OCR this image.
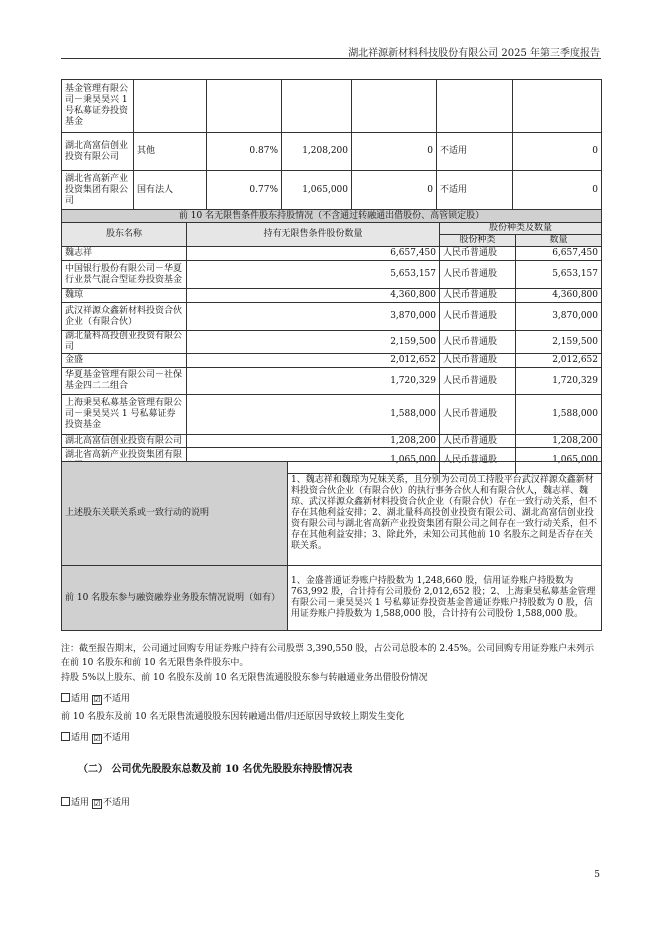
湖北祥源新材料科技股份有限公司 2025 年第三季度报告
基金管理有限公司－秉昊昊兴 1 号私募证券投资基金						
湖北高富信创业投资有限公司	其他	0.87%	1,208,200	0	不适用	0
湖北省高新产业投资集团有限公司	国有法人	0.77%	1,065,000	0	不适用	0
前 10 名无限售条件股东持股情况（不含通过转融通出借股份、高管锁定股）			
股东名称	持有无限售条件股份数量	股份种类及数量	
		股份种类	数量
魏志祥	6,657,450	人民币普通股	6,657,450
中国银行股份有限公司－华夏行业景气混合型证券投资基金	5,653,157	人民币普通股	5,653,157
魏琼	4,360,800	人民币普通股	4,360,800
武汉祥源众鑫新材料投资合伙企业（有限合伙）	3,870,000	人民币普通股	3,870,000
湖北量科高投创业投资有限公司	2,159,500	人民币普通股	2,159,500
金盛	2,012,652	人民币普通股	2,012,652
华夏基金管理有限公司－社保基金四二二组合	1,720,329	人民币普通股	1,720,329
上海秉昊私募基金管理有限公司－秉昊昊兴 1 号私募证券投资基金	1,588,000	人民币普通股	1,588,000
湖北高富信创业投资有限公司	1,208,200	人民币普通股	1,208,200
湖北省高新产业投资集团有限	1,065,000	人民币普通股	1,065,000
上述股东关联关系或一致行动的说明	1、魏志祥和魏琼为兄妹关系，且分别为公司员工持股平台武汉祥源众鑫新材料投资合伙企业（有限合伙）的执行事务合伙人和有限合伙人，魏志祥、魏琼、武汉祥源众鑫新材料投资合伙企业（有限合伙）存在一致行动关系，但不存在其他利益安排；2、湖北量科高投创业投资有限公司、湖北高富信创业投资有限公司与湖北省高新产业投资集团有限公司之间存在一致行动关系，但不存在其他利益安排；3、除此外，未知公司其他前 10 名股东之间是否存在关联关系。
前 10 名股东参与融资融券业务股东情况说明（如有）	1、金盛普通证券账户持股数为 1,248,660 股，信用证券账户持股数为 763,992 股，合计持有公司股份 2,012,652 股；2、上海秉昊私募基金管理有限公司－秉昊昊兴 1 号私募证券投资基金普通证券账户持股数为 0 股，信用证券账户持股数为 1,588,000 股，合计持有公司股份 1,588,000 股。

注：截至报告期末，公司通过回购专用证券账户持有公司股票 3,390,550 股，占公司总股本的 2.45%。公司回购专用证券账户未列示在前 10 名股东和前 10 名无限售条件股东中。

持股 5%以上股东、前 10 名股东及前 10 名无限售流通股股东参与转融通业务出借股份情况

适用 ☑ 不适用

前 10 名股东及前 10 名无限售流通股股东因转融通出借/归还原因导致较上期发生变化

适用 ☑ 不适用
（二） 公司优先股股东总数及前 10 名优先股股东持股情况表
适用 ☑ 不适用
5
